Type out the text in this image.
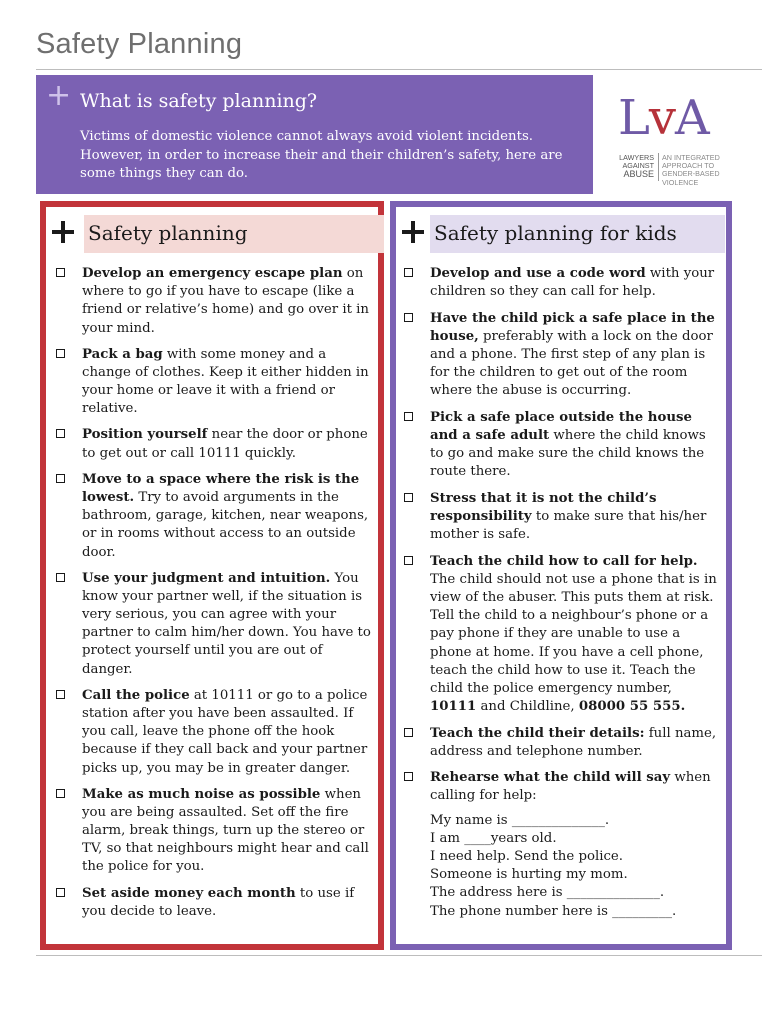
Safety Planning
+ What is safety planning?
Victims of domestic violence cannot always avoid violent incidents. However, in order to increase their and their children’s safety, here are some things they can do.
LvA
LAWYERS
AGAINST
ABUSE
AN INTEGRATED
APPROACH TO
GENDER-BASED
VIOLENCE
Safety planning
Develop an emergency escape plan on where to go if you have to escape (like a friend or relative’s home) and go over it in your mind.
Pack a bag with some money and a change of clothes. Keep it either hidden in your home or leave it with a friend or relative.
Position yourself near the door or phone to get out or call 10111 quickly.
Move to a space where the risk is the lowest. Try to avoid arguments in the bathroom, garage, kitchen, near weapons, or in rooms without access to an outside door.
Use your judgment and intuition. You know your partner well, if the situation is very serious, you can agree with your partner to calm him/her down. You have to protect yourself until you are out of danger.
Call the police at 10111 or go to a police station after you have been assaulted. If you call, leave the phone off the hook because if they call back and your partner picks up, you may be in greater danger.
Make as much noise as possible when you are being assaulted. Set off the fire alarm, break things, turn up the stereo or TV, so that neighbours might hear and call the police for you.
Set aside money each month to use if you decide to leave.
Safety planning for kids
Develop and use a code word with your children so they can call for help.
Have the child pick a safe place in the house, preferably with a lock on the door and a phone. The first step of any plan is for the children to get out of the room where the abuse is occurring.
Pick a safe place outside the house and a safe adult where the child knows to go and make sure the child knows the route there.
Stress that it is not the child’s responsibility to make sure that his/her mother is safe.
Teach the child how to call for help. The child should not use a phone that is in view of the abuser. This puts them at risk. Tell the child to a neighbour’s phone or a pay phone if they are unable to use a phone at home. If you have a cell phone, teach the child how to use it. Teach the child the police emergency number, 10111 and Childline, 08000 55 555.
Teach the child their details: full name, address and telephone number.
Rehearse what the child will say when calling for help:
My name is ______________.
I am ____years old.
I need help. Send the police.
Someone is hurting my mom.
The address here is ______________.
The phone number here is _________.
